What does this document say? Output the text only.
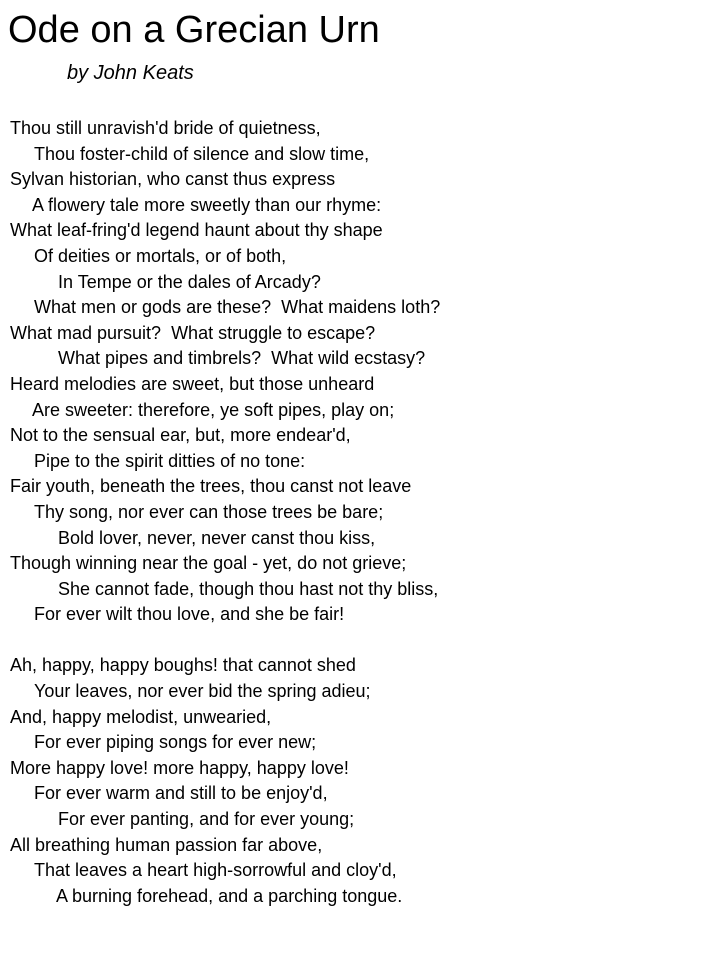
Ode on a Grecian Urn

by John Keats

Thou still unravish'd bride of quietness,
Thou foster-child of silence and slow time,
Sylvan historian, who canst thus express
A flowery tale more sweetly than our rhyme:
What leaf-fring'd legend haunt about thy shape
Of deities or mortals, or of both,
In Tempe or the dales of Arcady?
What men or gods are these?  What maidens loth?
What mad pursuit?  What struggle to escape?
What pipes and timbrels?  What wild ecstasy?
Heard melodies are sweet, but those unheard
Are sweeter: therefore, ye soft pipes, play on;
Not to the sensual ear, but, more endear'd,
Pipe to the spirit ditties of no tone:
Fair youth, beneath the trees, thou canst not leave
Thy song, nor ever can those trees be bare;
Bold lover, never, never canst thou kiss,
Though winning near the goal - yet, do not grieve;
She cannot fade, though thou hast not thy bliss,
For ever wilt thou love, and she be fair!
Ah, happy, happy boughs! that cannot shed
Your leaves, nor ever bid the spring adieu;
And, happy melodist, unwearied,
For ever piping songs for ever new;
More happy love! more happy, happy love!
For ever warm and still to be enjoy'd,
For ever panting, and for ever young;
All breathing human passion far above,
That leaves a heart high-sorrowful and cloy'd,
A burning forehead, and a parching tongue.
